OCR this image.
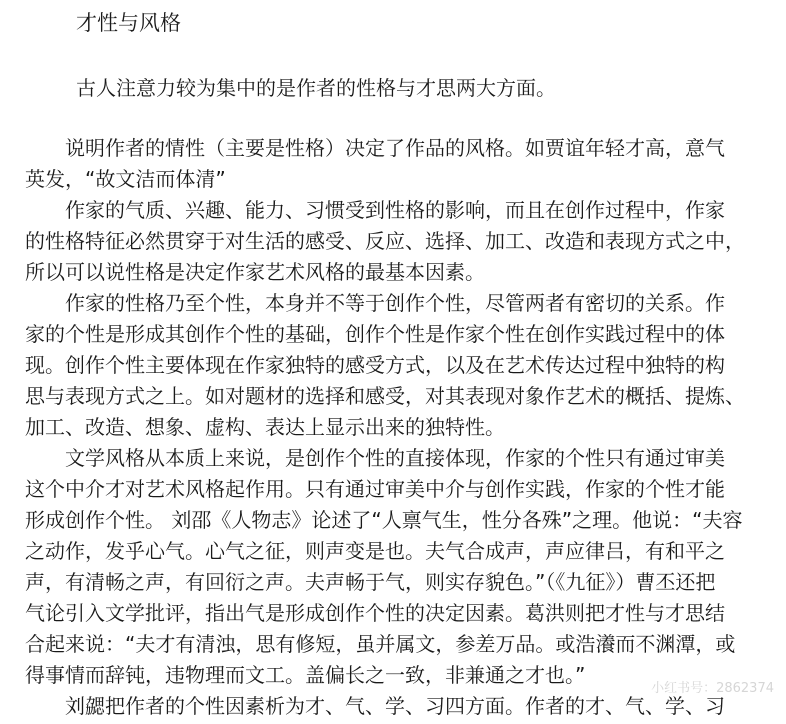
才性与风格
古人注意力较为集中的是作者的性格与才思两大方面。
说明作者的情性（主要是性格）决定了作品的风格。如贾谊年轻才高，意气
英发，“故文洁而体清”
作家的气质、兴趣、能力、习惯受到性格的影响，而且在创作过程中，作家
的性格特征必然贯穿于对生活的感受、反应、选择、加工、改造和表现方式之中，
所以可以说性格是决定作家艺术风格的最基本因素。
作家的性格乃至个性，本身并不等于创作个性，尽管两者有密切的关系。作
家的个性是形成其创作个性的基础，创作个性是作家个性在创作实践过程中的体
现。创作个性主要体现在作家独特的感受方式，以及在艺术传达过程中独特的构
思与表现方式之上。如对题材的选择和感受，对其表现对象作艺术的概括、提炼、
加工、改造、想象、虚构、表达上显示出来的独特性。
文学风格从本质上来说，是创作个性的直接体现，作家的个性只有通过审美
这个中介才对艺术风格起作用。只有通过审美中介与创作实践，作家的个性才能
形成创作个性。 刘邵《人物志》论述了“人禀气生，性分各殊”之理。他说：“夫容
之动作，发乎心气。心气之征，则声变是也。夫气合成声，声应律吕，有和平之
声，有清畅之声，有回衍之声。夫声畅于气，则实存貌色。”（《九征》）曹丕还把
气论引入文学批评，指出气是形成创作个性的决定因素。葛洪则把才性与才思结
合起来说：“夫才有清浊，思有修短，虽并属文，参差万品。或浩瀁而不渊潭，或
得事情而辞钝，违物理而文工。盖偏长之一致，非兼通之才也。”
刘勰把作者的个性因素析为才、气、学、习四方面。作者的才、气、学、习
小红书号：2862374
